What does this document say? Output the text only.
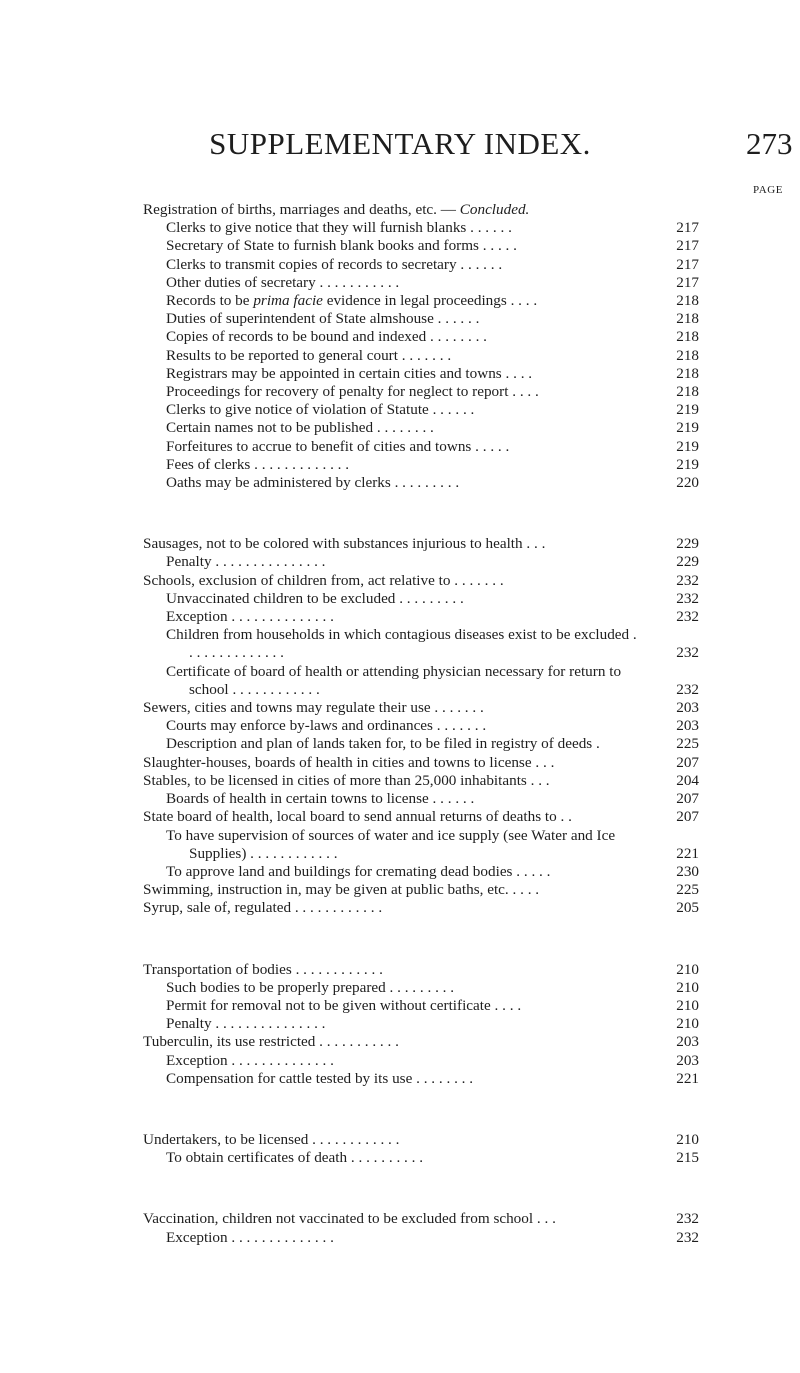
SUPPLEMENTARY INDEX.	273
PAGE
Registration of births, marriages and deaths, etc. — Concluded.
Clerks to give notice that they will furnish blanks . . . . . .	217
Secretary of State to furnish blank books and forms . . . . .	217
Clerks to transmit copies of records to secretary . . . . . .	217
Other duties of secretary . . . . . . . . . . .	217
Records to be prima facie evidence in legal proceedings . . . .	218
Duties of superintendent of State almshouse . . . . . .	218
Copies of records to be bound and indexed . . . . . . . .	218
Results to be reported to general court . . . . . . .	218
Registrars may be appointed in certain cities and towns . . . .	218
Proceedings for recovery of penalty for neglect to report . . . .	218
Clerks to give notice of violation of Statute . . . . . .	219
Certain names not to be published . . . . . . . .	219
Forfeitures to accrue to benefit of cities and towns . . . . .	219
Fees of clerks . . . . . . . . . . . . .	219
Oaths may be administered by clerks . . . . . . . . .	220
Sausages, not to be colored with substances injurious to health . . .	229
Penalty . . . . . . . . . . . . . . .	229
Schools, exclusion of children from, act relative to . . . . . . .	232
Unvaccinated children to be excluded . . . . . . . . .	232
Exception . . . . . . . . . . . . . .	232
Children from households in which contagious diseases exist to be excluded . . . . . . . . . . . . . .	232
Certificate of board of health or attending physician necessary for return to school . . . . . . . . . . . .	232
Sewers, cities and towns may regulate their use . . . . . . .	203
Courts may enforce by-laws and ordinances . . . . . . .	203
Description and plan of lands taken for, to be filed in registry of deeds .	225
Slaughter-houses, boards of health in cities and towns to license . . .	207
Stables, to be licensed in cities of more than 25,000 inhabitants . . .	204
Boards of health in certain towns to license . . . . . .	207
State board of health, local board to send annual returns of deaths to . .	207
To have supervision of sources of water and ice supply (see Water and Ice Supplies) . . . . . . . . . . . .	221
To approve land and buildings for cremating dead bodies . . . . .	230
Swimming, instruction in, may be given at public baths, etc. . . . .	225
Syrup, sale of, regulated . . . . . . . . . . . .	205
Transportation of bodies . . . . . . . . . . . .	210
Such bodies to be properly prepared . . . . . . . . .	210
Permit for removal not to be given without certificate . . . .	210
Penalty . . . . . . . . . . . . . . .	210
Tuberculin, its use restricted . . . . . . . . . . .	203
Exception . . . . . . . . . . . . . .	203
Compensation for cattle tested by its use . . . . . . . .	221
Undertakers, to be licensed . . . . . . . . . . . .	210
To obtain certificates of death . . . . . . . . . .	215
Vaccination, children not vaccinated to be excluded from school . . .	232
Exception . . . . . . . . . . . . . .	232
